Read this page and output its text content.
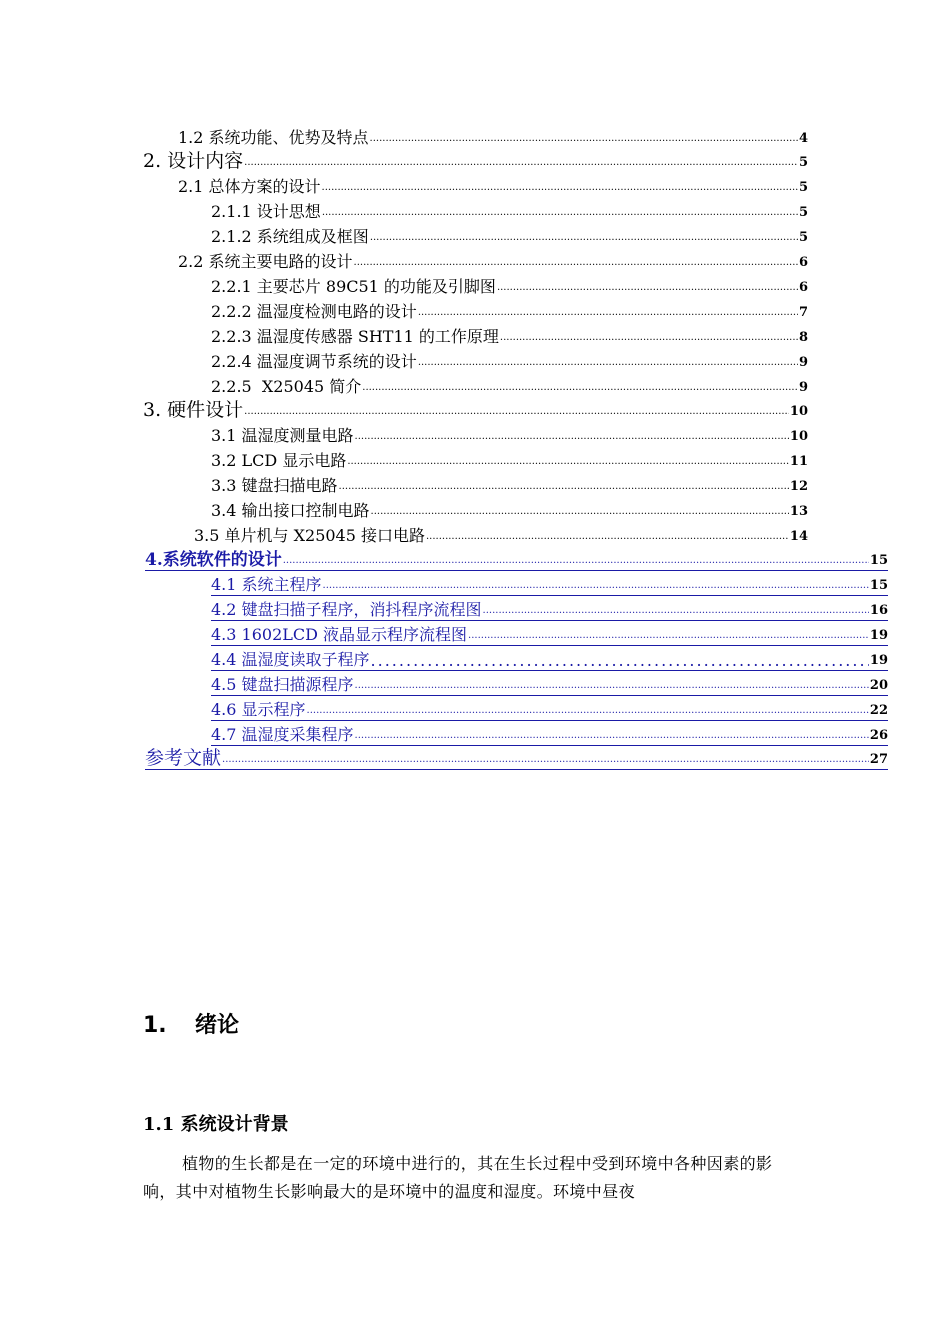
1.2 系统功能、优势及特点 .....	4
2. 设计内容 .....	5
2.1 总体方案的设计 .....	5
2.1.1 设计思想 .....	5
2.1.2 系统组成及框图 .....	5
2.2 系统主要电路的设计 .....	6
2.2.1 主要芯片 89C51 的功能及引脚图 .....	6
2.2.2 温湿度检测电路的设计 .....	7
2.2.3 温湿度传感器 SHT11 的工作原理 .....	8
2.2.4 温湿度调节系统的设计 .....	9
2.2.5  X25045 简介 .....	9
3. 硬件设计 .....	10
3.1 温湿度测量电路 .....	10
3.2 LCD 显示电路 .....	11
3.3 键盘扫描电路 .....	12
3.4 输出接口控制电路 .....	13
3.5 单片机与 X25045 接口电路 .....	14
4.系统软件的设计 .....	15
4.1 系统主程序 .....	15
4.2 键盘扫描子程序，消抖程序流程图 .....	16
4.3 1602LCD 液晶显示程序流程图 .....	19
4.4 温湿度读取子程序 .....	19
4.5 键盘扫描源程序 .....	20
4.6 显示程序 .....	22
4.7 温湿度采集程序 .....	26
参考文献 .....	27
1. 绪论
1.1 系统设计背景
植物的生长都是在一定的环境中进行的，其在生长过程中受到环境中各种因素的影响，其中对植物生长影响最大的是环境中的温度和湿度。环境中昼夜
